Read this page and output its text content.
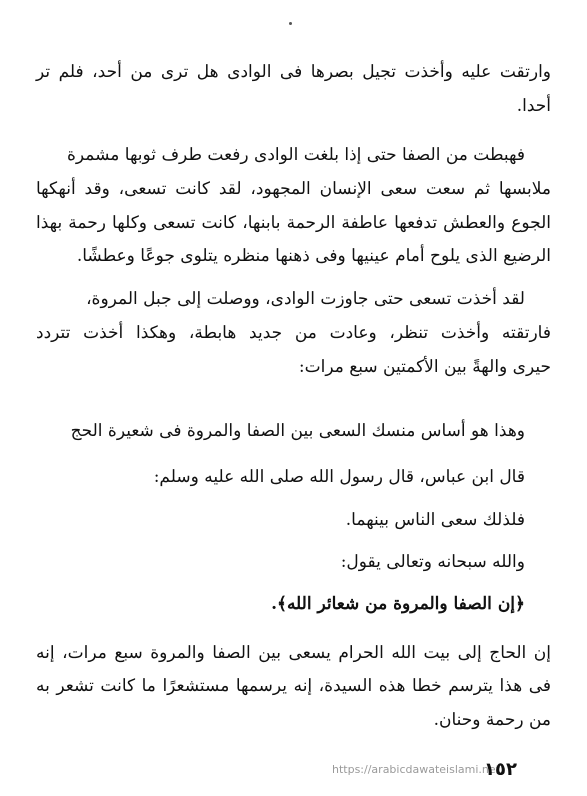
وارتقت عليه وأخذت تجيل بصرها فى الوادى هل ترى من أحد، فلم تر
أحدا.
فهبطت من الصفا حتى إذا بلغت الوادى رفعت طرف ثوبها مشمرة
ملابسها ثم سعت سعى الإنسان المجهود، لقد كانت تسعى، وقد أنهكها
الجوع والعطش تدفعها عاطفة الرحمة بابنها، كانت تسعى وكلها رحمة بهذا
الرضيع الذى يلوح أمام عينيها وفى ذهنها منظره يتلوى جوعًا وعطشًا.
لقد أخذت تسعى حتى جاوزت الوادى، ووصلت إلى جبل المروة،
فارتقته وأخذت تنظر، وعادت من جديد هابطة، وهكذا أخذت تتردد
حيرى والهةً بين الأكمتين سبع مرات:
وهذا هو أساس منسك السعى بين الصفا والمروة فى شعيرة الحج
قال ابن عباس، قال رسول الله صلى الله عليه وسلم:
فلذلك سعى الناس بينهما.
والله سبحانه وتعالى يقول:
﴿إن الصفا والمروة من شعائر الله﴾.
إن الحاج إلى بيت الله الحرام يسعى بين الصفا والمروة سبع مرات، إنه
فى هذا يترسم خطا هذه السيدة، إنه يرسمها مستشعرًا ما كانت تشعر به
من رحمة وحنان.
https://arabicdawateislami.net
١٥٢
